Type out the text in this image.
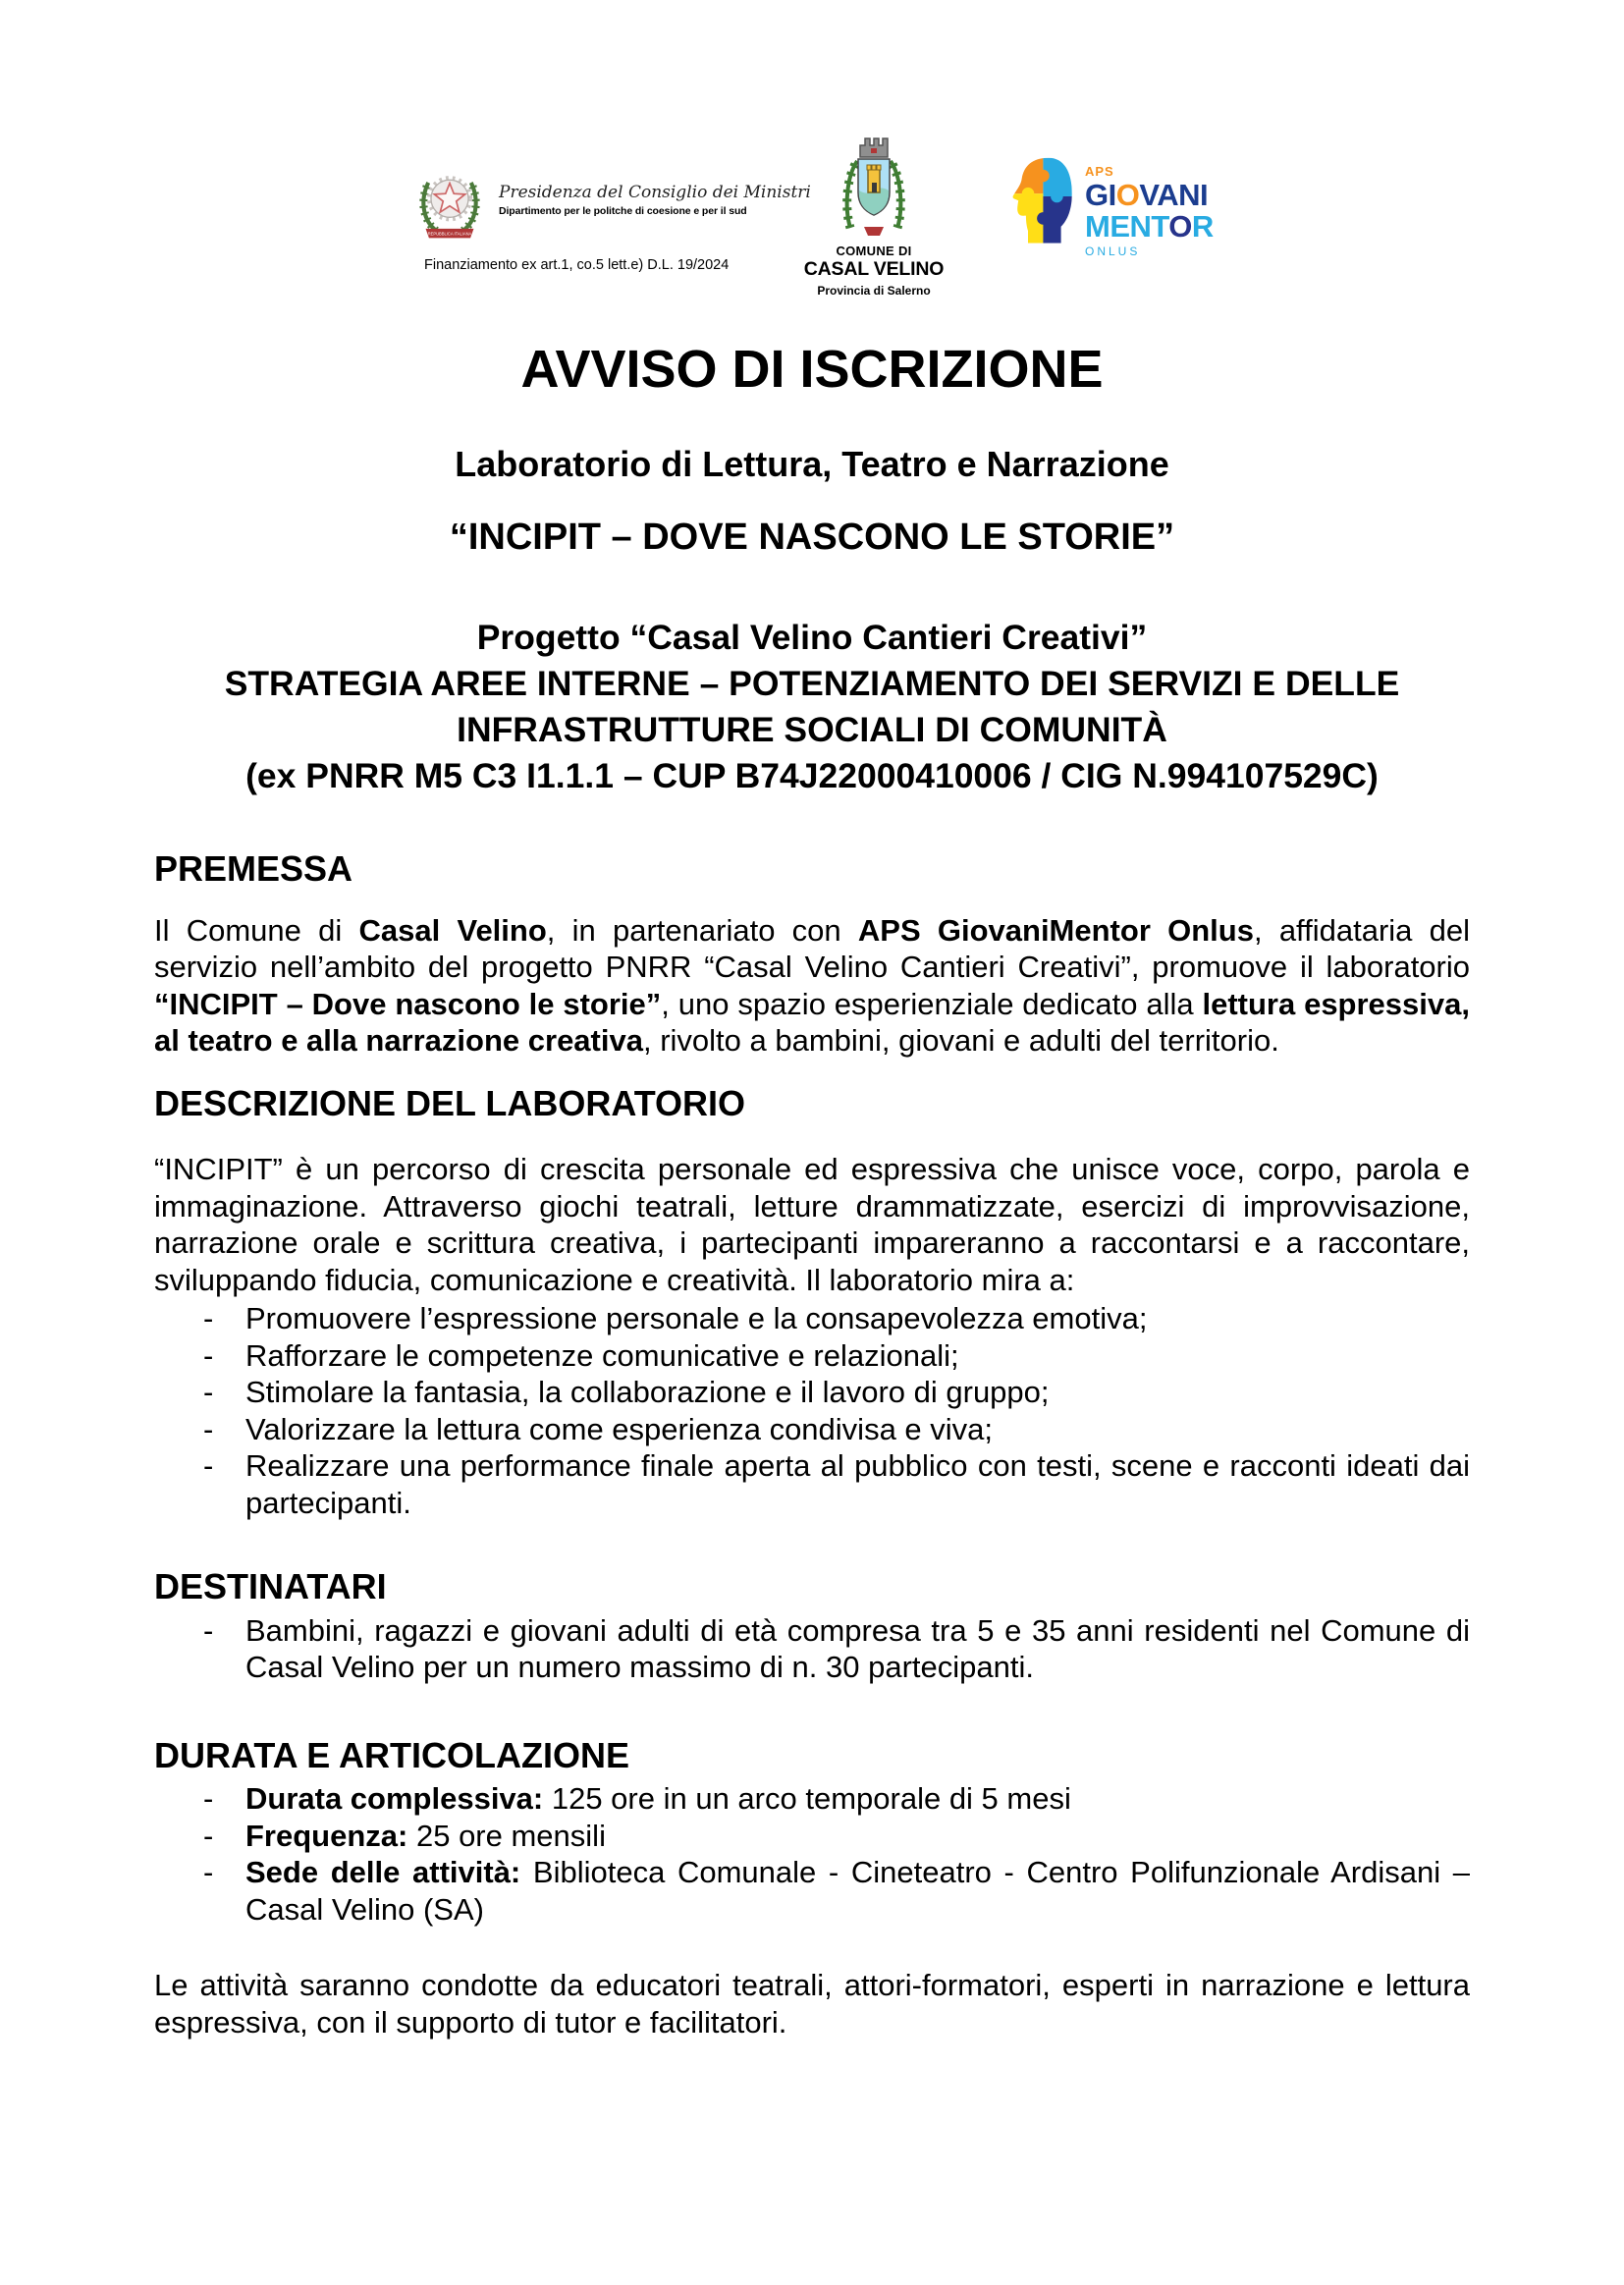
REPUBBLICA ITALIANA
Presidenza del Consiglio dei Ministri
Dipartimento per le politche di coesione e per il sud
Finanziamento ex art.1, co.5 lett.e) D.L. 19/2024
COMUNE DI
CASAL VELINO
Provincia di Salerno
APS
GIOVANI
MENTOR
ONLUS
AVVISO DI ISCRIZIONE
Laboratorio di Lettura, Teatro e Narrazione
“INCIPIT – DOVE NASCONO LE STORIE”
Progetto “Casal Velino Cantieri Creativi”
STRATEGIA AREE INTERNE – POTENZIAMENTO DEI SERVIZI E DELLE
INFRASTRUTTURE SOCIALI DI COMUNITÀ
(ex PNRR M5 C3 I1.1.1 – CUP B74J22000410006 / CIG N.994107529C)
PREMESSA

Il Comune di Casal Velino, in partenariato con APS GiovaniMentor Onlus, affidataria del servizio nell’ambito del progetto PNRR “Casal Velino Cantieri Creativi”, promuove il laboratorio “INCIPIT – Dove nascono le storie”, uno spazio esperienziale dedicato alla lettura espressiva, al teatro e alla narrazione creativa, rivolto a bambini, giovani e adulti del territorio.

DESCRIZIONE DEL LABORATORIO

“INCIPIT” è un percorso di crescita personale ed espressiva che unisce voce, corpo, parola e immaginazione. Attraverso giochi teatrali, letture drammatizzate, esercizi di improvvisazione, narrazione orale e scrittura creativa, i partecipanti impareranno a raccontarsi e a raccontare, sviluppando fiducia, comunicazione e creatività. Il laboratorio mira a:

-	Promuovere l’espressione personale e la consapevolezza emotiva;
-	Rafforzare le competenze comunicative e relazionali;
-	Stimolare la fantasia, la collaborazione e il lavoro di gruppo;
-	Valorizzare la lettura come esperienza condivisa e viva;
-	Realizzare una performance finale aperta al pubblico con testi, scene e racconti ideati dai partecipanti.
DESTINATARI
-	Bambini, ragazzi e giovani adulti di età compresa tra 5 e 35 anni residenti nel Comune di Casal Velino per un numero massimo di n. 30 partecipanti.
DURATA E ARTICOLAZIONE
-	Durata complessiva: 125 ore in un arco temporale di 5 mesi
-	Frequenza: 25 ore mensili
-	Sede delle attività: Biblioteca Comunale - Cineteatro - Centro Polifunzionale Ardisani – Casal Velino (SA)

Le attività saranno condotte da educatori teatrali, attori-formatori, esperti in narrazione e lettura espressiva, con il supporto di tutor e facilitatori.
